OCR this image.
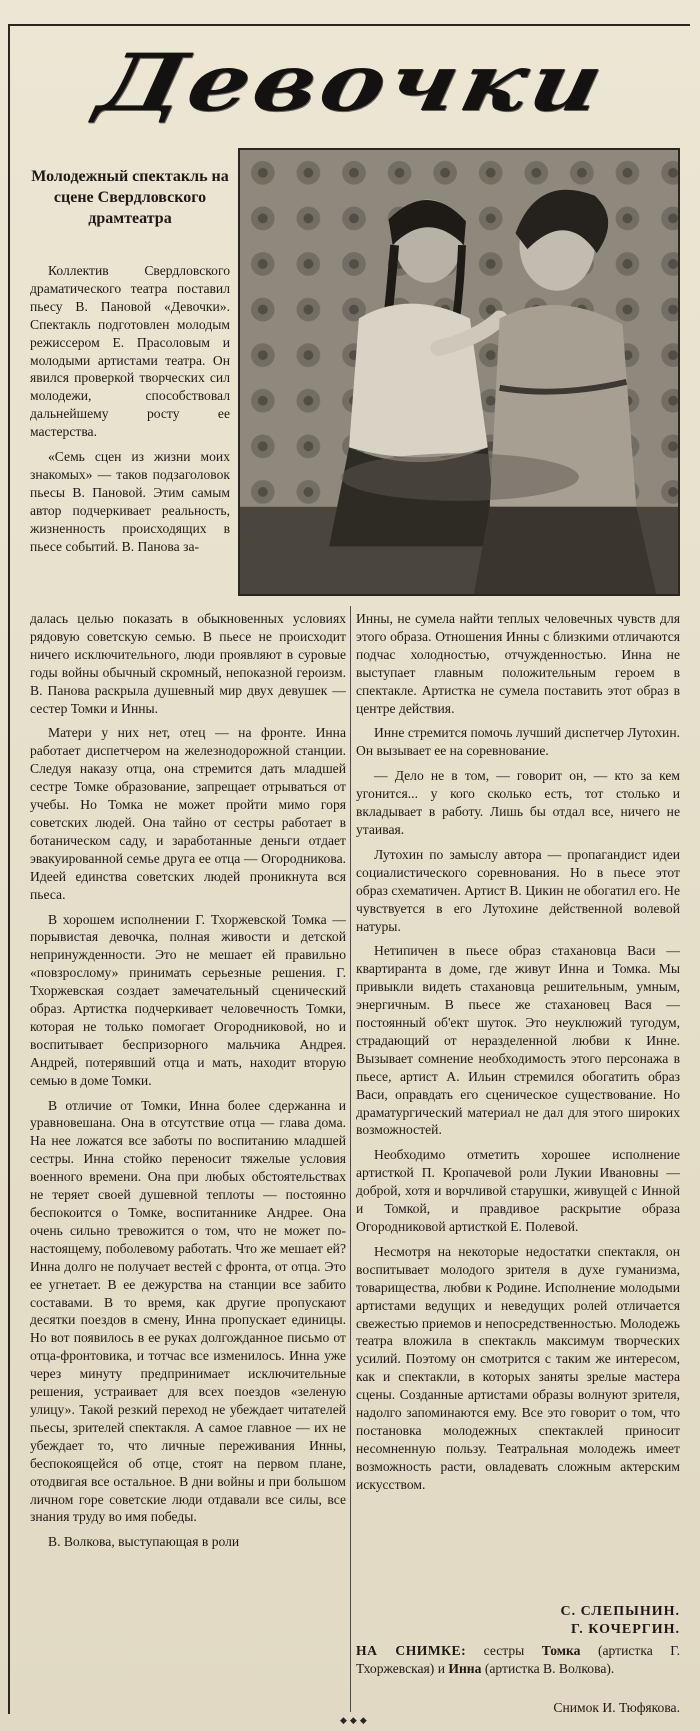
Девочки
Молодежный спектакль на сцене Свердловского драмтеатра

Коллектив Свердловского драматического театра поставил пьесу В. Пановой «Девочки». Спектакль подготовлен молодым режиссером Е. Прасоловым и молодыми артистами театра. Он явился проверкой творческих сил молодежи, способствовал дальнейшему росту ее мастерства.

«Семь сцен из жизни моих знакомых» — таков подзаголовок пьесы В. Пановой. Этим самым автор подчеркивает реальность, жизненность происходящих в пьесе событий. В. Панова за-

далась целью показать в обыкновенных условиях рядовую советскую семью. В пьесе не происходит ничего исключительного, люди проявляют в суровые годы войны обычный скромный, непоказной героизм. В. Панова раскрыла душевный мир двух девушек — сестер Томки и Инны.

Матери у них нет, отец — на фронте. Инна работает диспетчером на железнодорожной станции. Следуя наказу отца, она стремится дать младшей сестре Томке образование, запрещает отрываться от учебы. Но Томка не может пройти мимо горя советских людей. Она тайно от сестры работает в ботаническом саду, и заработанные деньги отдает эвакуированной семье друга ее отца — Огородникова. Идеей единства советских людей проникнута вся пьеса.

В хорошем исполнении Г. Тхоржевской Томка — порывистая девочка, полная живости и детской непринужденности. Это не мешает ей правильно «повзрослому» принимать серьезные решения. Г. Тхоржевская создает замечательный сценический образ. Артистка подчеркивает человечность Томки, которая не только помогает Огородниковой, но и воспитывает беспризорного мальчика Андрея. Андрей, потерявший отца и мать, находит вторую семью в доме Томки.

В отличие от Томки, Инна более сдержанна и уравновешана. Она в отсутствие отца — глава дома. На нее ложатся все заботы по воспитанию младшей сестры. Инна стойко переносит тяжелые условия военного времени. Она при любых обстоятельствах не теряет своей душевной теплоты — постоянно беспокоится о Томке, воспитаннике Андрее. Она очень сильно тревожится о том, что не может по-настоящему, поболевому работать. Что же мешает ей? Инна долго не получает вестей с фронта, от отца. Это ее угнетает. В ее дежурства на станции все забито составами. В то время, как другие пропускают десятки поездов в смену, Инна пропускает единицы. Но вот появилось в ее руках долгожданное письмо от отца-фронтовика, и тотчас все изменилось. Инна уже через минуту предпринимает исключительные решения, устраивает для всех поездов «зеленую улицу». Такой резкий переход не убеждает читателей пьесы, зрителей спектакля. А самое главное — их не убеждает то, что личные переживания Инны, беспокоящейся об отце, стоят на первом плане, отодвигая все остальное. В дни войны и при большом личном горе советские люди отдавали все силы, все знания труду во имя победы.

В. Волкова, выступающая в роли

Инны, не сумела найти теплых человечных чувств для этого образа. Отношения Инны с близкими отличаются подчас холодностью, отчужденностью. Инна не выступает главным положительным героем в спектакле. Артистка не сумела поставить этот образ в центре действия.

Инне стремится помочь лучший диспетчер Лутохин. Он вызывает ее на соревнование.

— Дело не в том, — говорит он, — кто за кем угонится... у кого сколько есть, тот столько и вкладывает в работу. Лишь бы отдал все, ничего не утаивая.

Лутохин по замыслу автора — пропагандист идеи социалистического соревнования. Но в пьесе этот образ схематичен. Артист В. Цикин не обогатил его. Не чувствуется в его Лутохине действенной волевой натуры.

Нетипичен в пьесе образ стахановца Васи — квартиранта в доме, где живут Инна и Томка. Мы привыкли видеть стахановца решительным, умным, энергичным. В пьесе же стахановец Вася — постоянный об'ект шуток. Это неуклюжий тугодум, страдающий от неразделенной любви к Инне. Вызывает сомнение необходимость этого персонажа в пьесе, артист А. Ильин стремился обогатить образ Васи, оправдать его сценическое существование. Но драматургический материал не дал для этого широких возможностей.

Необходимо отметить хорошее исполнение артисткой П. Кропачевой роли Лукии Ивановны — доброй, хотя и ворчливой старушки, живущей с Инной и Томкой, и правдивое раскрытие образа Огородниковой артисткой Е. Полевой.

Несмотря на некоторые недостатки спектакля, он воспитывает молодого зрителя в духе гуманизма, товарищества, любви к Родине. Исполнение молодыми артистами ведущих и неведущих ролей отличается свежестью приемов и непосредственностью. Молодежь театра вложила в спектакль максимум творческих усилий. Поэтому он смотрится с таким же интересом, как и спектакли, в которых заняты зрелые мастера сцены. Созданные артистами образы волнуют зрителя, надолго запоминаются ему. Все это говорит о том, что постановка молодежных спектаклей приносит несомненную пользу. Театральная молодежь имеет возможность расти, овладевать сложным актерским искусством.

С. СЛЕПЫНИН.
Г. КОЧЕРГИН.
НА СНИМКЕ: сестры Томка (артистка Г. Тхоржевская) и Инна (артистка В. Волкова).
Снимок И. Тюфякова.
◆◆◆
